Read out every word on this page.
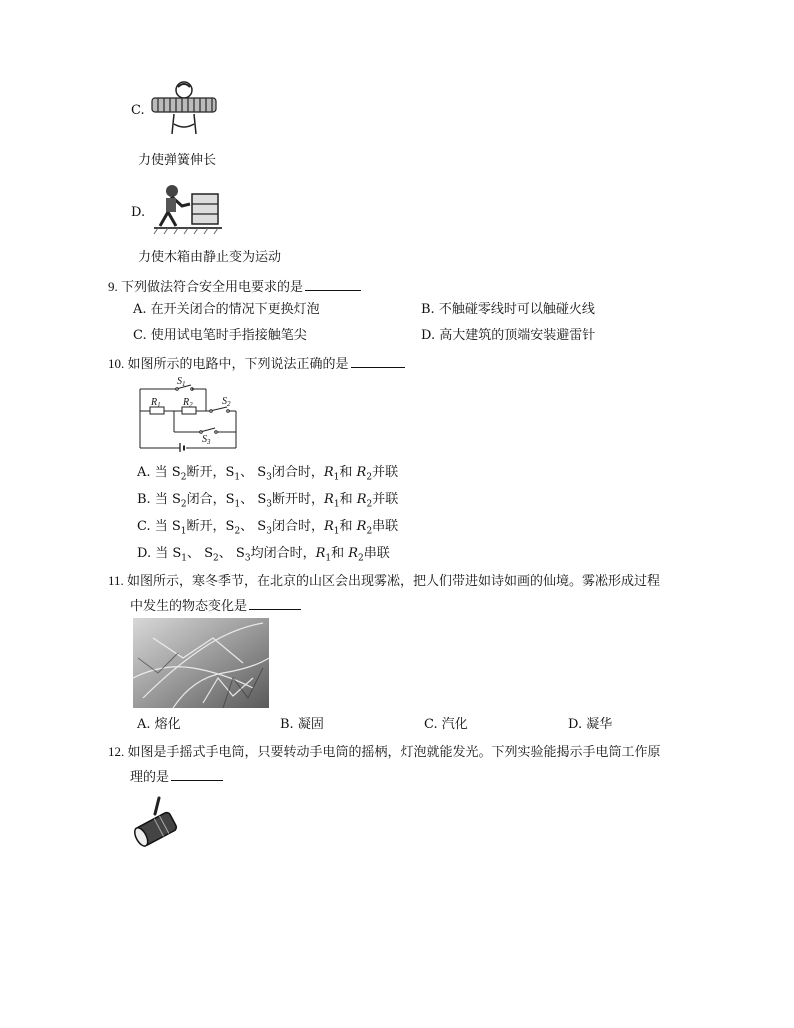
C.
力使弹簧伸长
D.
力使木箱由静止变为运动
9. 下列做法符合安全用电要求的是
A. 在开关闭合的情况下更换灯泡	B. 不触碰零线时可以触碰火线
C. 使用试电笔时手指接触笔尖	D. 高大建筑的顶端安装避雷针
10. 如图所示的电路中，下列说法正确的是
$S_1$
$R_1$ $R_2$	$S_2$
$S_3$
A. 当 $S_2$断开，$S_1$、 $S_3$闭合时，$R_1$和 $R_2$并联
B. 当 $S_2$闭合，$S_1$、 $S_3$断开时，$R_1$和 $R_2$并联
C. 当 $S_1$断开，$S_2$、 $S_3$闭合时，$R_1$和 $R_2$串联
D. 当 $S_1$、 $S_2$、 $S_3$均闭合时，$R_1$和 $R_2$串联
11. 如图所示，寒冬季节，在北京的山区会出现雾凇，把人们带进如诗如画的仙境。雾凇形成过程
中发生的物态变化是
A. 熔化	B. 凝固	C. 汽化	D. 凝华
12. 如图是手摇式手电筒，只要转动手电筒的摇柄，灯泡就能发光。下列实验能揭示手电筒工作原
理的是
